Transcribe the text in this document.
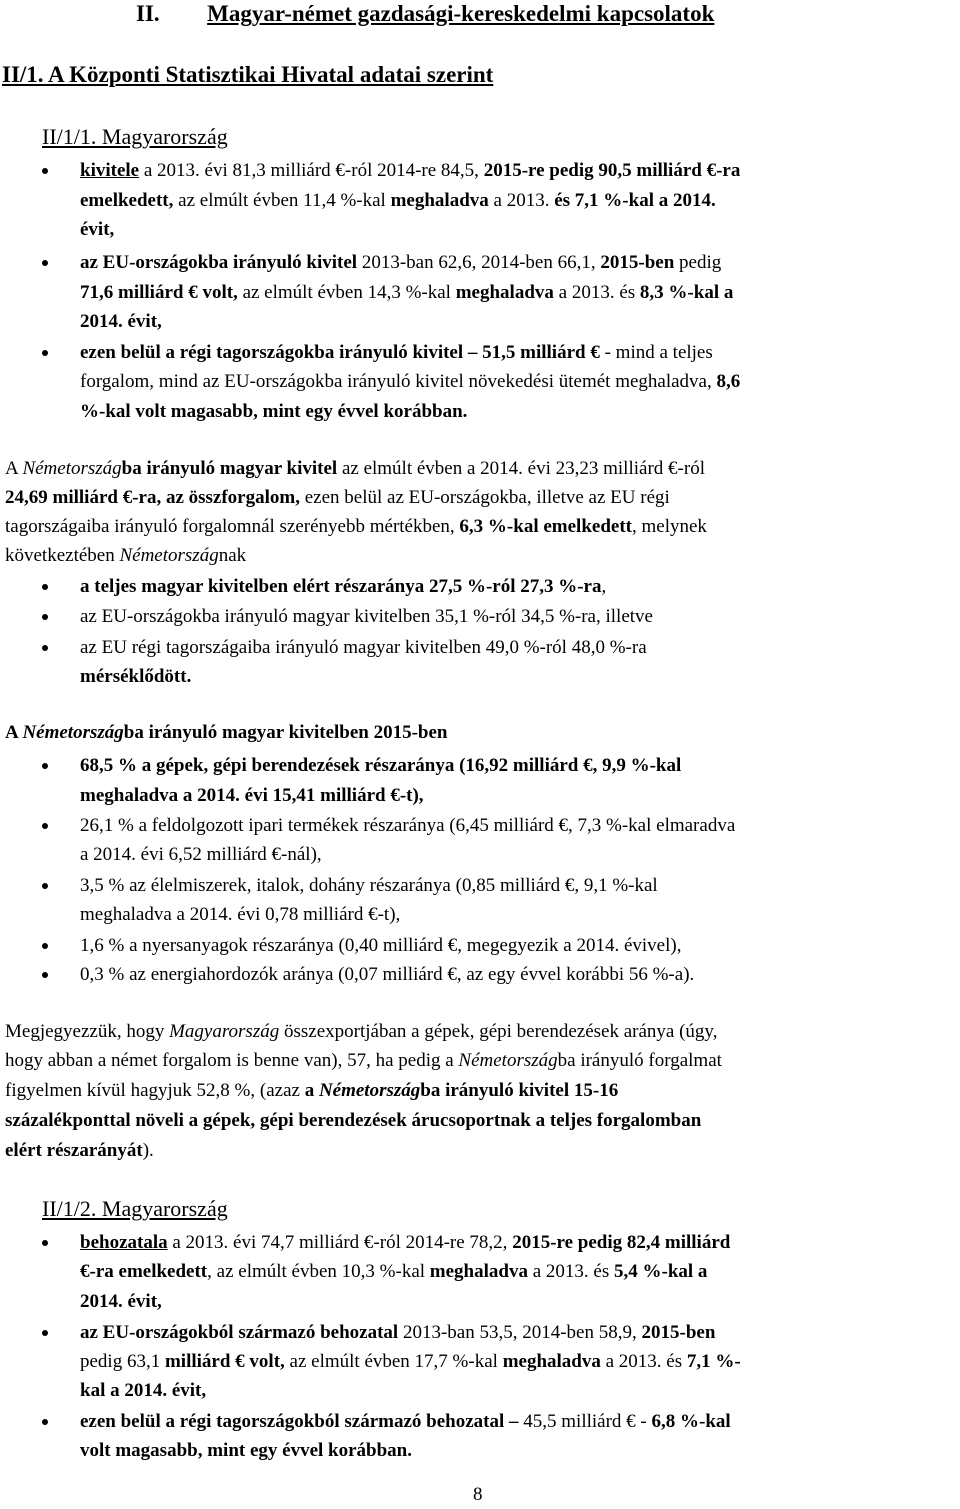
II. Magyar-német gazdasági-kereskedelmi kapcsolatok
II/1. A Központi Statisztikai Hivatal adatai szerint
II/1/1. Magyarország
kivitele a 2013. évi 81,3 milliárd €-ról 2014-re 84,5, 2015-re pedig 90,5 milliárd €-ra
emelkedett, az elmúlt évben 11,4 %-kal meghaladva a 2013. és 7,1 %-kal a 2014.
évit,
az EU-országokba irányuló kivitel 2013-ban 62,6, 2014-ben 66,1, 2015-ben pedig
71,6 milliárd € volt, az elmúlt évben 14,3 %-kal meghaladva a 2013. és 8,3 %-kal a
2014. évit,
ezen belül a régi tagországokba irányuló kivitel – 51,5 milliárd € - mind a teljes
forgalom, mind az EU-országokba irányuló kivitel növekedési ütemét meghaladva, 8,6
%-kal volt magasabb, mint egy évvel korábban.
A Németországba irányuló magyar kivitel az elmúlt évben a 2014. évi 23,23 milliárd €-ról
24,69 milliárd €-ra, az összforgalom, ezen belül az EU-országokba, illetve az EU régi
tagországaiba irányuló forgalomnál szerényebb mértékben, 6,3 %-kal emelkedett, melynek
következtében Németországnak
a teljes magyar kivitelben elért részaránya 27,5 %-ról 27,3 %-ra,
az EU-országokba irányuló magyar kivitelben 35,1 %-ról 34,5 %-ra, illetve
az EU régi tagországaiba irányuló magyar kivitelben 49,0 %-ról 48,0 %-ra
mérséklődött.
A Németországba irányuló magyar kivitelben 2015-ben
68,5 % a gépek, gépi berendezések részaránya (16,92 milliárd €, 9,9 %-kal
meghaladva a 2014. évi 15,41 milliárd €-t),
26,1 % a feldolgozott ipari termékek részaránya (6,45 milliárd €, 7,3 %-kal elmaradva
a 2014. évi 6,52 milliárd €-nál),
3,5 % az élelmiszerek, italok, dohány részaránya (0,85 milliárd €, 9,1 %-kal
meghaladva a 2014. évi 0,78 milliárd €-t),
1,6 % a nyersanyagok részaránya (0,40 milliárd €, megegyezik a 2014. évivel),
0,3 % az energiahordozók aránya (0,07 milliárd €, az egy évvel korábbi 56 %-a).
Megjegyezzük, hogy Magyarország összexportjában a gépek, gépi berendezések aránya (úgy,
hogy abban a német forgalom is benne van), 57, ha pedig a Németországba irányuló forgalmat
figyelmen kívül hagyjuk 52,8 %, (azaz a Németországba irányuló kivitel 15-16
százalékponttal növeli a gépek, gépi berendezések árucsoportnak a teljes forgalomban
elért részarányát).
II/1/2. Magyarország
behozatala a 2013. évi 74,7 milliárd €-ról 2014-re 78,2, 2015-re pedig 82,4 milliárd
€-ra emelkedett, az elmúlt évben 10,3 %-kal meghaladva a 2013. és 5,4 %-kal a
2014. évit,
az EU-országokból származó behozatal 2013-ban 53,5, 2014-ben 58,9, 2015-ben
pedig 63,1 milliárd € volt, az elmúlt évben 17,7 %-kal meghaladva a 2013. és 7,1 %-
kal a 2014. évit,
ezen belül a régi tagországokból származó behozatal – 45,5 milliárd € - 6,8 %-kal
volt magasabb, mint egy évvel korábban.
8
